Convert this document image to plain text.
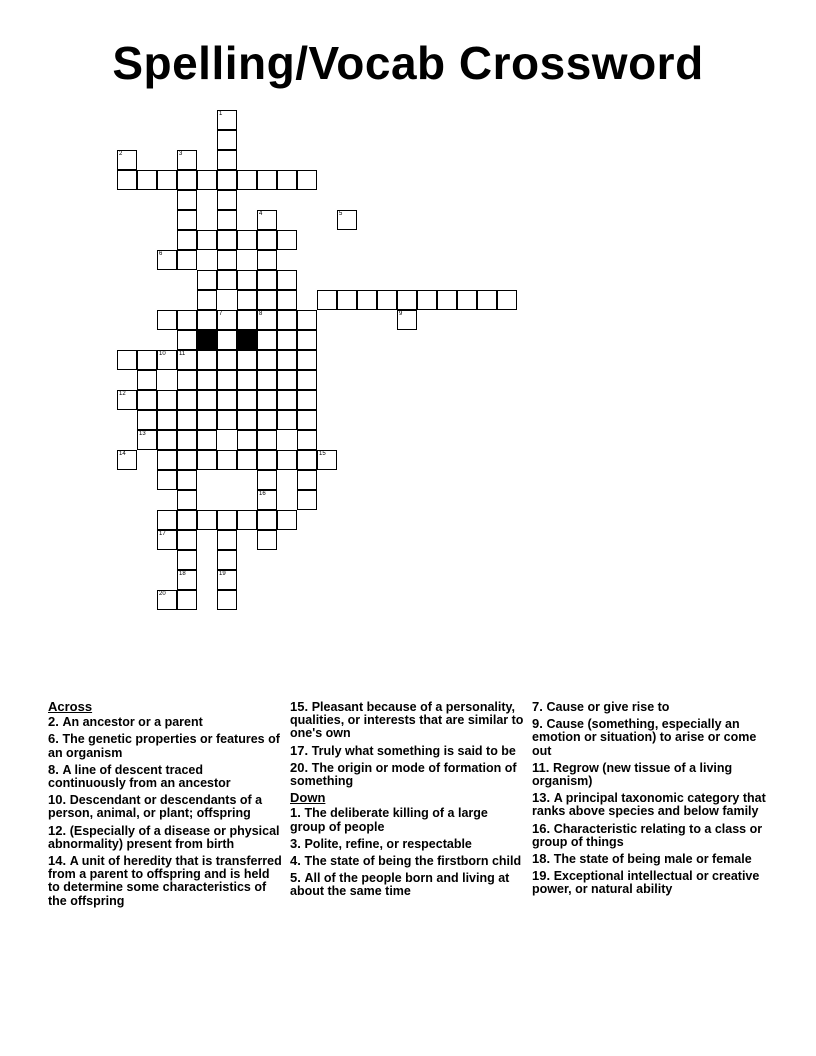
Spelling/Vocab Crossword
8
7
10 11
13
12
16
18	19
1
2	3
4	5
6
9
14	15
17
20
Across
2. An ancestor or a parent
6. The genetic properties or features of an organism
8. A line of descent traced continuously from an ancestor
10. Descendant or descendants of a person, animal, or plant; offspring
12. (Especially of a disease or physical abnormality) present from birth
14. A unit of heredity that is transferred from a parent to offspring and is held to determine some characteristics of the offspring
15. Pleasant because of a personality, qualities, or interests that are similar to one's own
17. Truly what something is said to be
20. The origin or mode of formation of something
Down
1. The deliberate killing of a large group of people
3. Polite, refine, or respectable
4. The state of being the firstborn child
5. All of the people born and living at about the same time
7. Cause or give rise to
9. Cause (something, especially an emotion or situation) to arise or come out
11. Regrow (new tissue of a living organism)
13. A principal taxonomic category that ranks above species and below family
16. Characteristic relating to a class or group of things
18. The state of being male or female
19. Exceptional intellectual or creative power, or natural ability
